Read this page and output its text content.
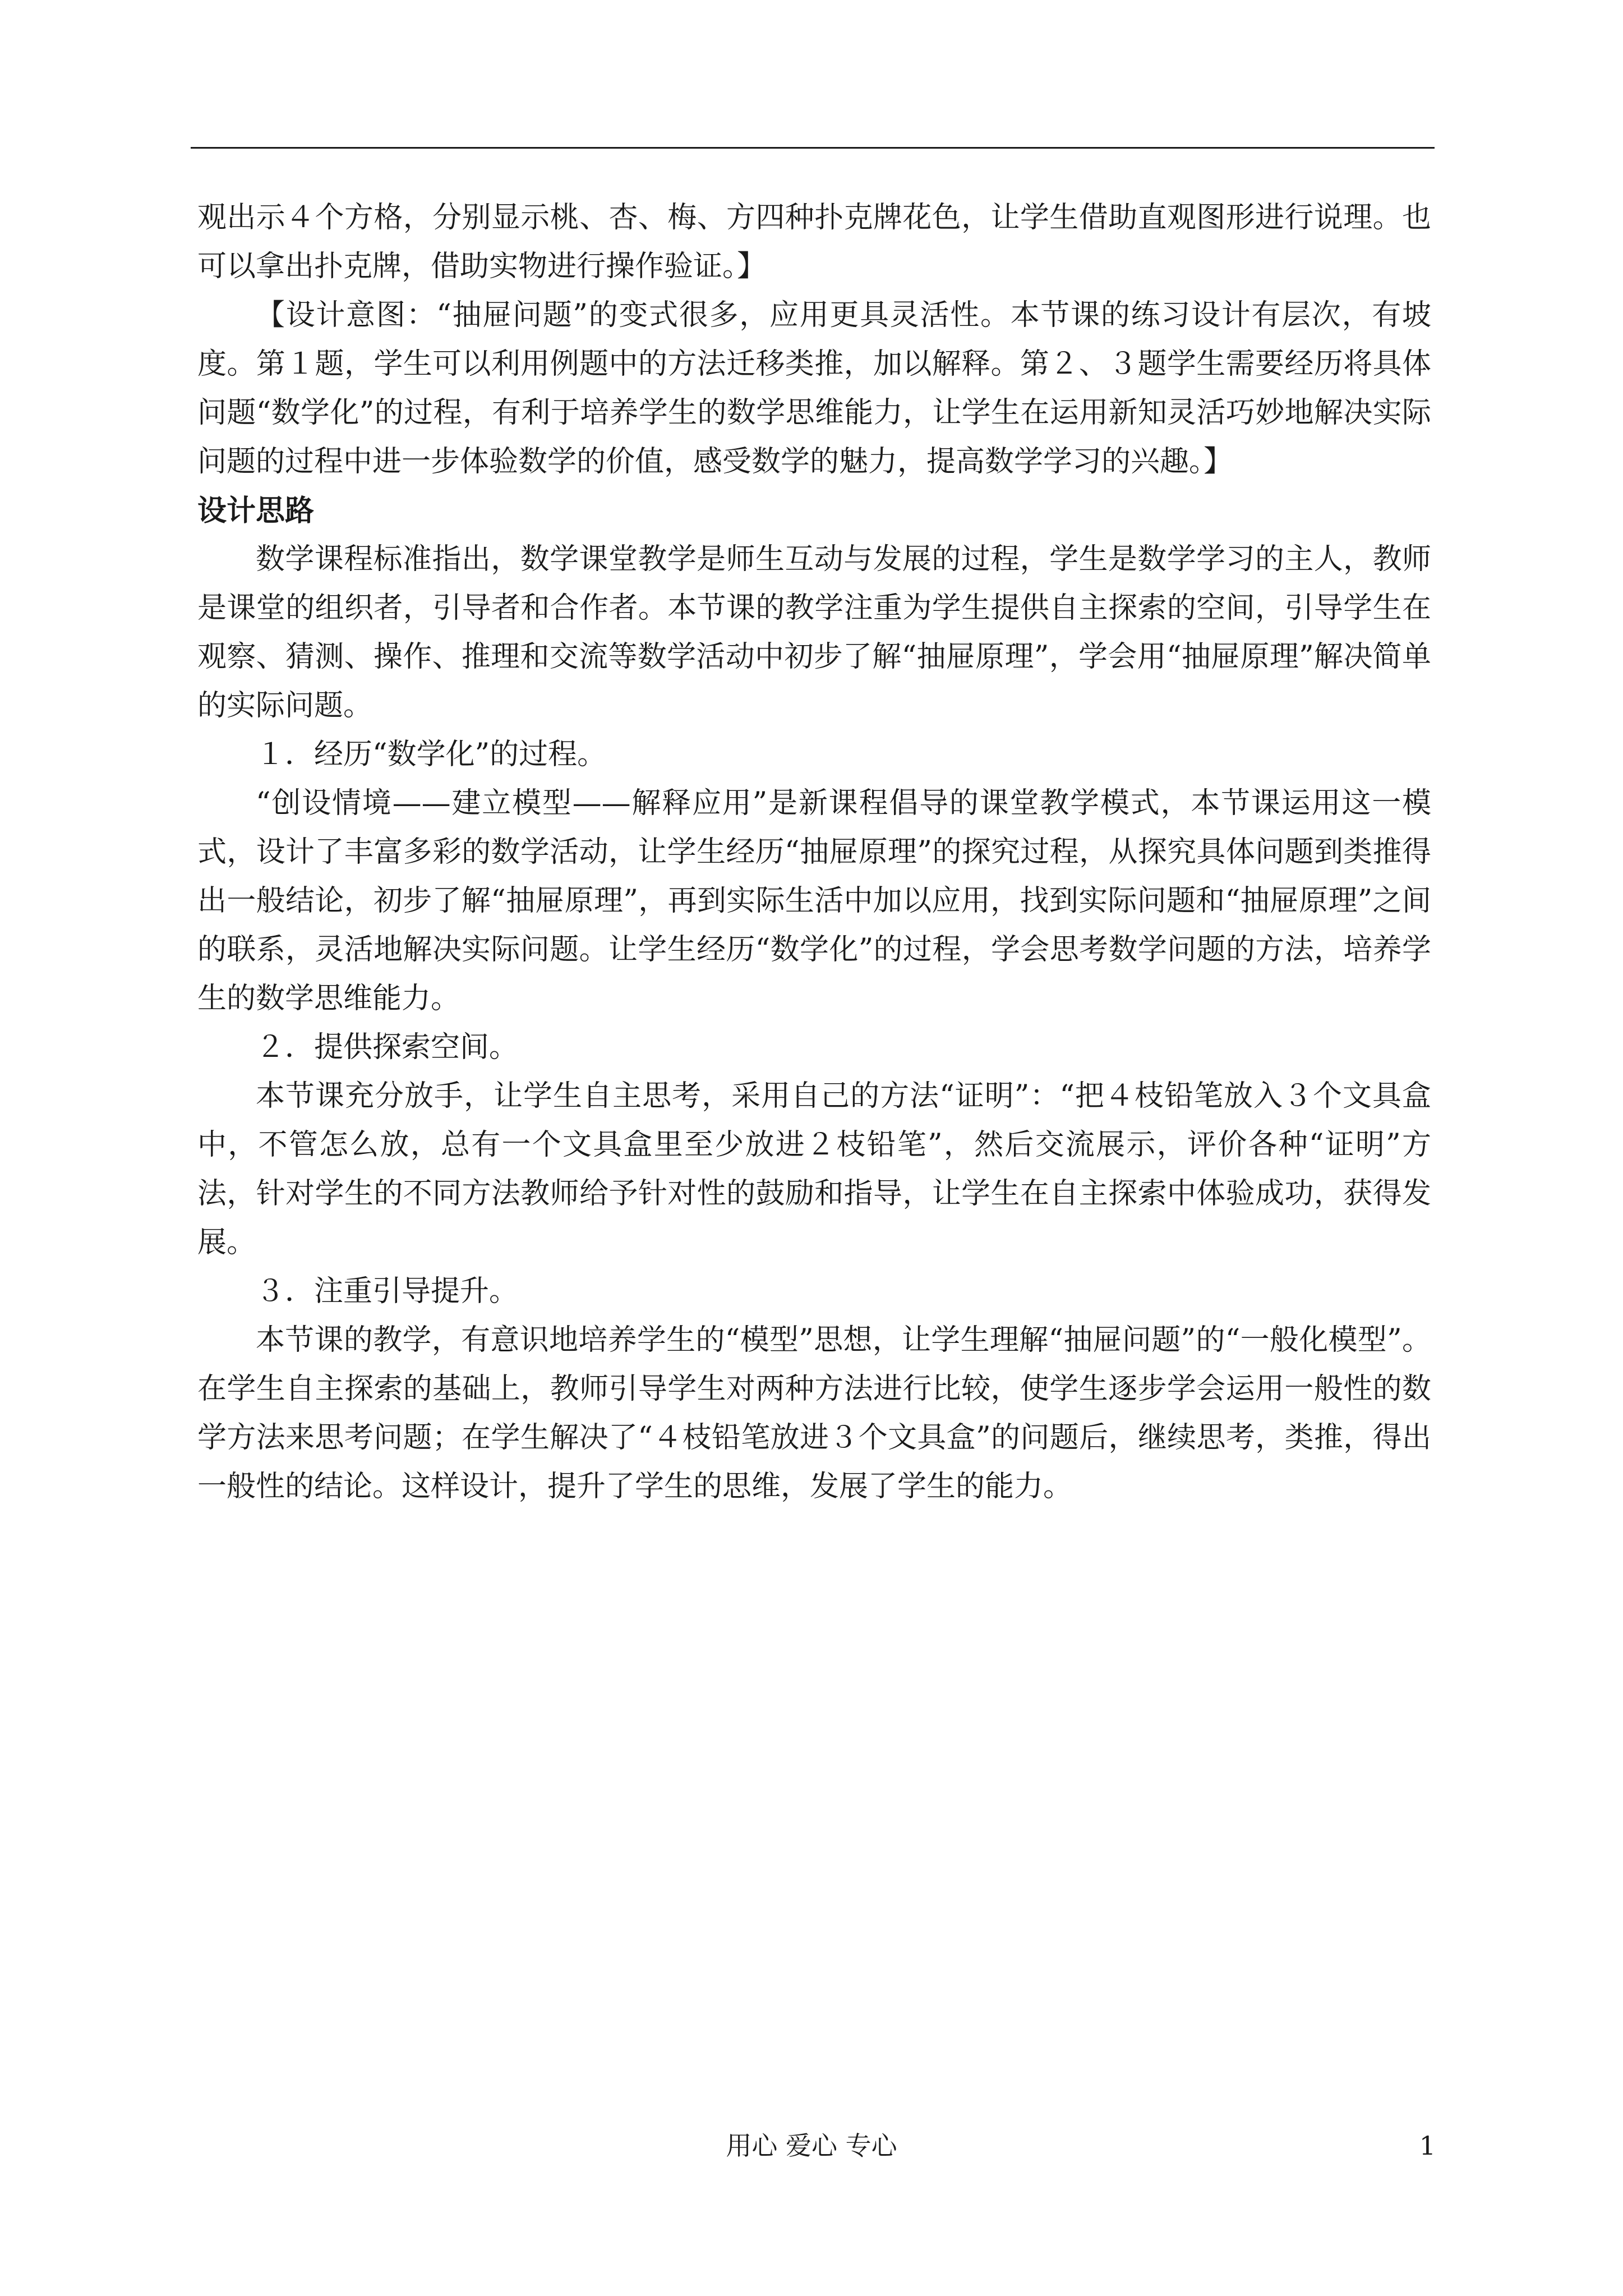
观出示４个方格，分别显示桃、杏、梅、方四种扑克牌花色，让学生借助直观图形进行说理。也可以拿出扑克牌，借助实物进行操作验证。】

【设计意图：“抽屉问题”的变式很多，应用更具灵活性。本节课的练习设计有层次，有坡度。第１题，学生可以利用例题中的方法迁移类推，加以解释。第２、３题学生需要经历将具体问题“数学化”的过程，有利于培养学生的数学思维能力，让学生在运用新知灵活巧妙地解决实际问题的过程中进一步体验数学的价值，感受数学的魅力，提高数学学习的兴趣。】

设计思路

数学课程标准指出，数学课堂教学是师生互动与发展的过程，学生是数学学习的主人，教师是课堂的组织者，引导者和合作者。本节课的教学注重为学生提供自主探索的空间，引导学生在观察、猜测、操作、推理和交流等数学活动中初步了解“抽屉原理”，学会用“抽屉原理”解决简单的实际问题。

１．经历“数学化”的过程。

“创设情境——建立模型——解释应用”是新课程倡导的课堂教学模式，本节课运用这一模式，设计了丰富多彩的数学活动，让学生经历“抽屉原理”的探究过程，从探究具体问题到类推得出一般结论，初步了解“抽屉原理”，再到实际生活中加以应用，找到实际问题和“抽屉原理”之间的联系，灵活地解决实际问题。让学生经历“数学化”的过程，学会思考数学问题的方法，培养学生的数学思维能力。

２．提供探索空间。

本节课充分放手，让学生自主思考，采用自己的方法“证明”：“把４枝铅笔放入３个文具盒中，不管怎么放，总有一个文具盒里至少放进２枝铅笔”，然后交流展示，评价各种“证明”方法，针对学生的不同方法教师给予针对性的鼓励和指导，让学生在自主探索中体验成功，获得发展。

３．注重引导提升。

本节课的教学，有意识地培养学生的“模型”思想，让学生理解“抽屉问题”的“一般化模型”。在学生自主探索的基础上，教师引导学生对两种方法进行比较，使学生逐步学会运用一般性的数学方法来思考问题；在学生解决了“４枝铅笔放进３个文具盒”的问题后，继续思考，类推，得出一般性的结论。这样设计，提升了学生的思维，发展了学生的能力。

用心 爱心 专心	1
